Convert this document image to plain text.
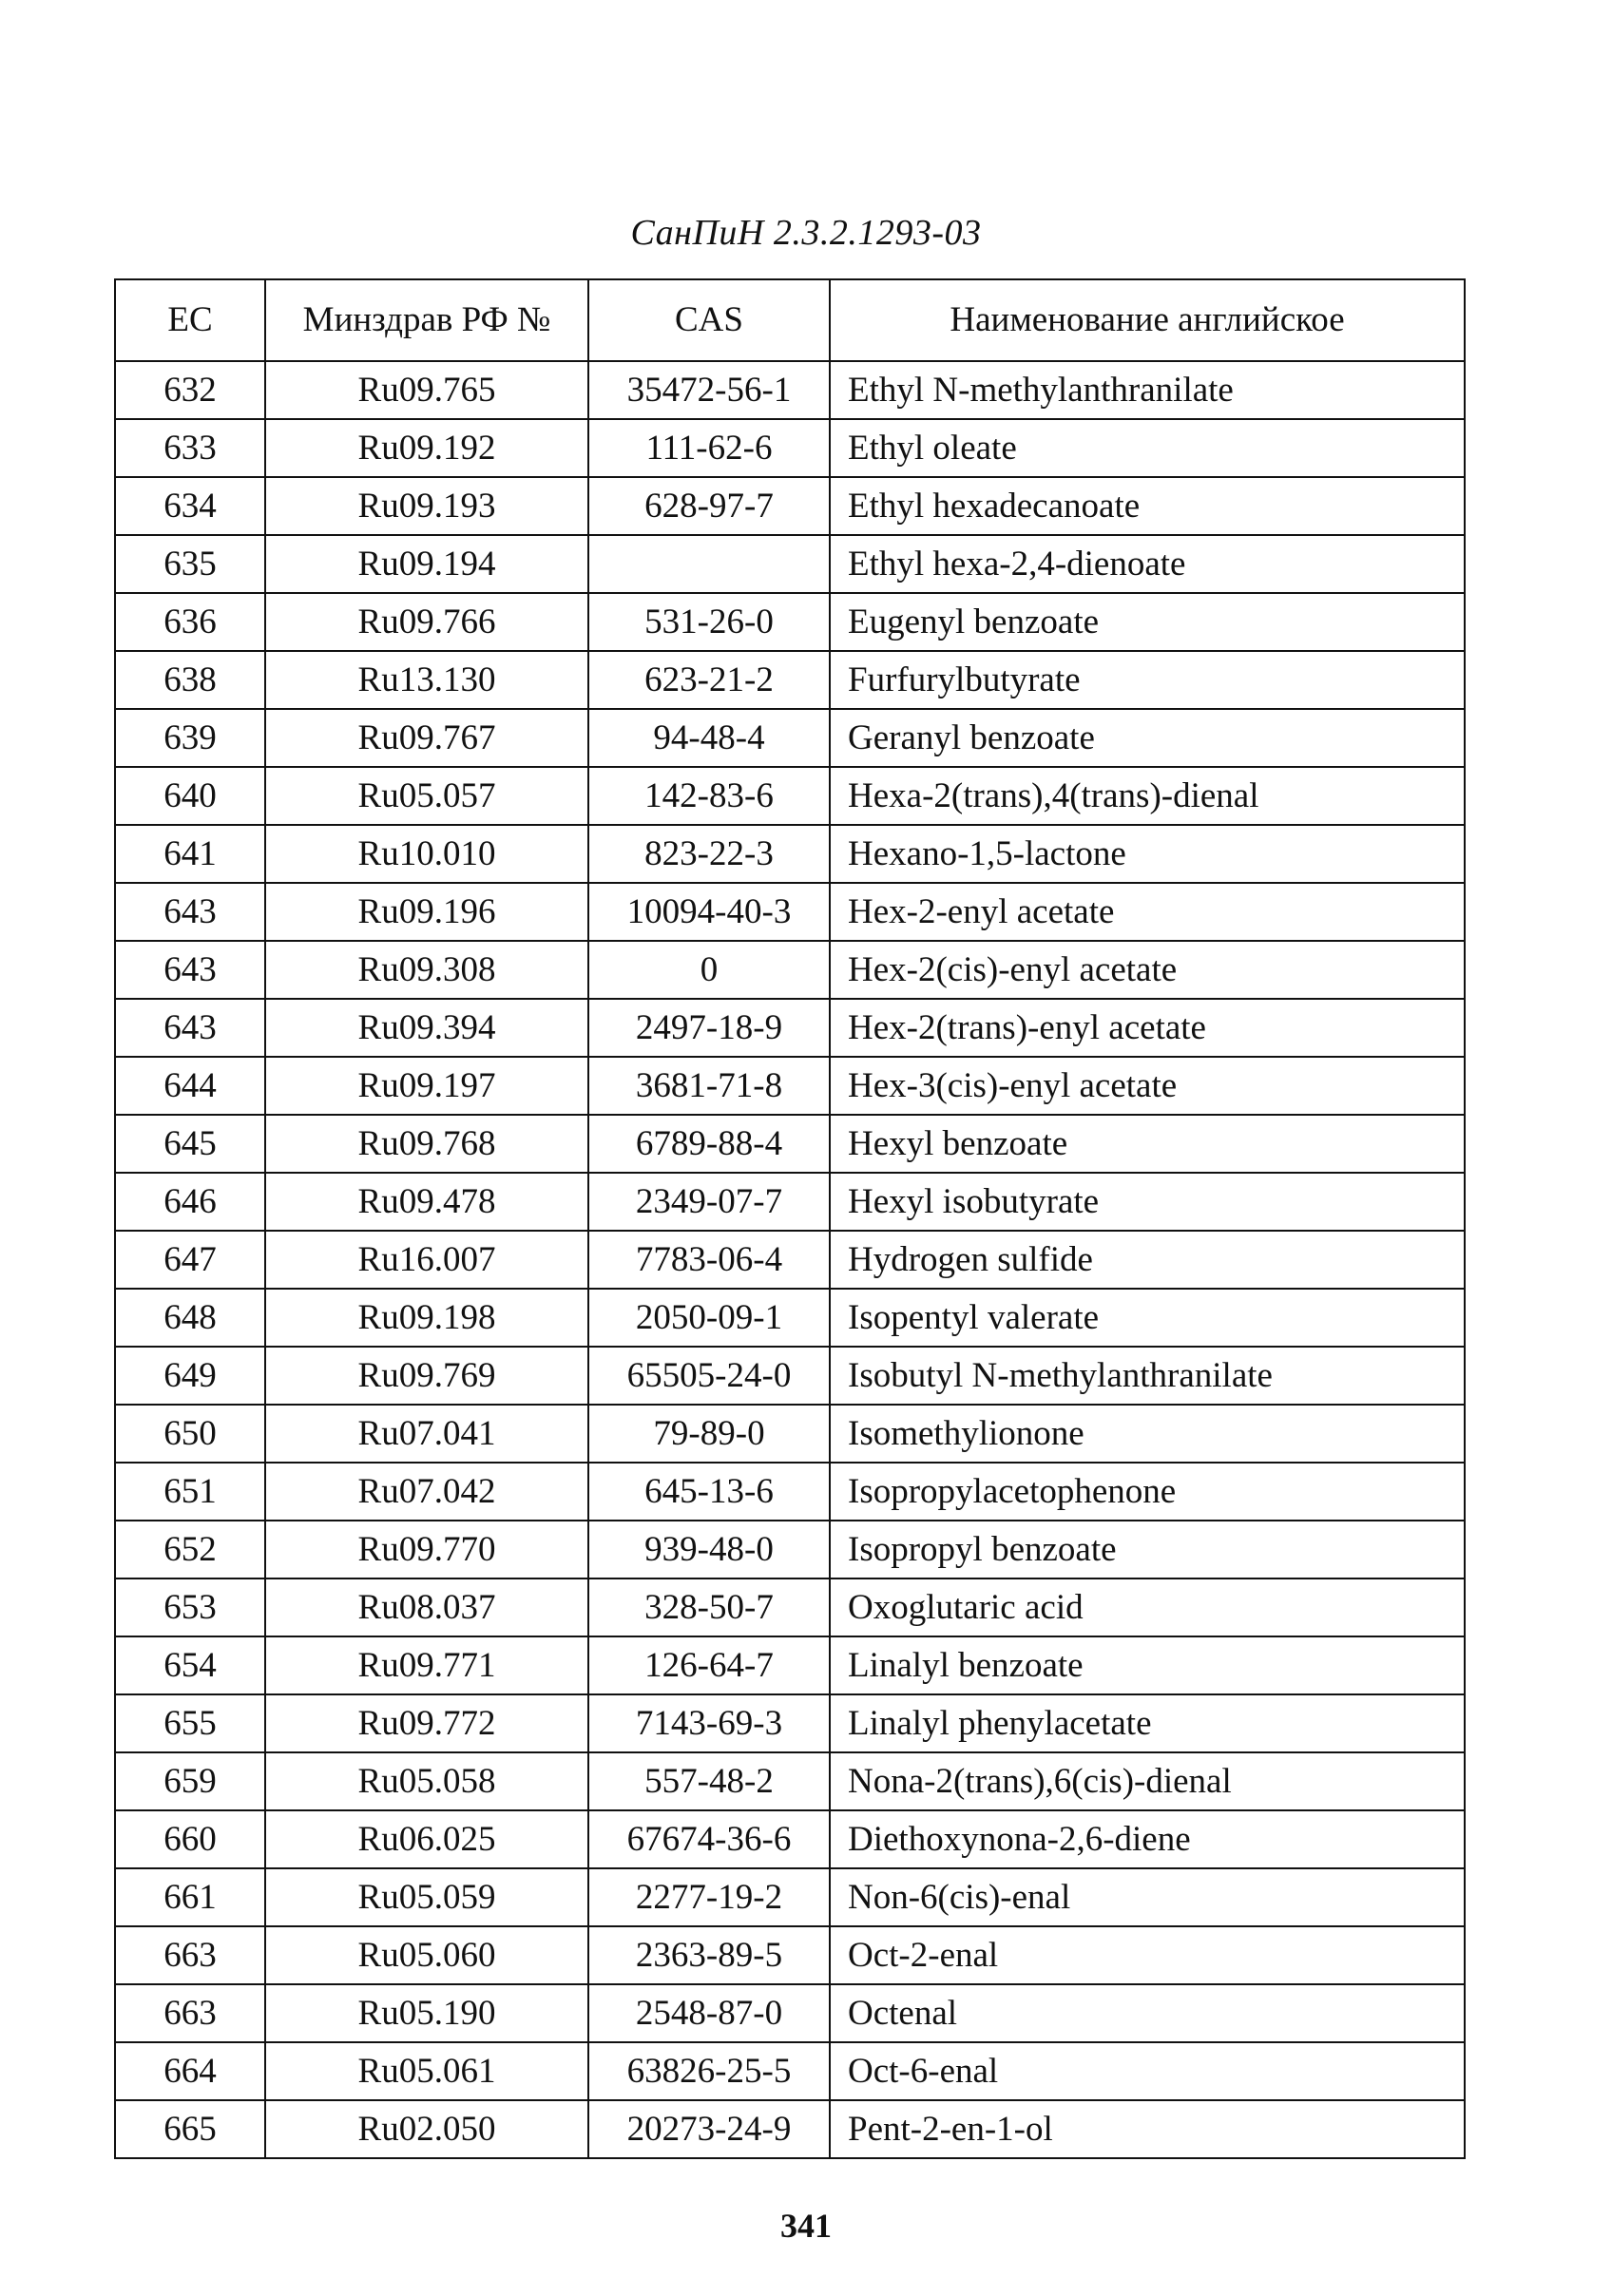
СанПиН 2.3.2.1293-03
EC	Минздрав РФ №	CAS	Наименование английское
632	Ru09.765	35472-56-1	Ethyl N-methylanthranilate
633	Ru09.192	111-62-6	Ethyl oleate
634	Ru09.193	628-97-7	Ethyl hexadecanoate
635	Ru09.194		Ethyl hexa-2,4-dienoate
636	Ru09.766	531-26-0	Eugenyl benzoate
638	Ru13.130	623-21-2	Furfurylbutyrate
639	Ru09.767	94-48-4	Geranyl benzoate
640	Ru05.057	142-83-6	Hexa-2(trans),4(trans)-dienal
641	Ru10.010	823-22-3	Hexano-1,5-lactone
643	Ru09.196	10094-40-3	Hex-2-enyl acetate
643	Ru09.308	0	Hex-2(cis)-enyl acetate
643	Ru09.394	2497-18-9	Hex-2(trans)-enyl acetate
644	Ru09.197	3681-71-8	Hex-3(cis)-enyl acetate
645	Ru09.768	6789-88-4	Hexyl benzoate
646	Ru09.478	2349-07-7	Hexyl isobutyrate
647	Ru16.007	7783-06-4	Hydrogen sulfide
648	Ru09.198	2050-09-1	Isopentyl valerate
649	Ru09.769	65505-24-0	Isobutyl N-methylanthranilate
650	Ru07.041	79-89-0	Isomethylionone
651	Ru07.042	645-13-6	Isopropylacetophenone
652	Ru09.770	939-48-0	Isopropyl benzoate
653	Ru08.037	328-50-7	Oxoglutaric acid
654	Ru09.771	126-64-7	Linalyl benzoate
655	Ru09.772	7143-69-3	Linalyl phenylacetate
659	Ru05.058	557-48-2	Nona-2(trans),6(cis)-dienal
660	Ru06.025	67674-36-6	Diethoxynona-2,6-diene
661	Ru05.059	2277-19-2	Non-6(cis)-enal
663	Ru05.060	2363-89-5	Oct-2-enal
663	Ru05.190	2548-87-0	Octenal
664	Ru05.061	63826-25-5	Oct-6-enal
665	Ru02.050	20273-24-9	Pent-2-en-1-ol
341
